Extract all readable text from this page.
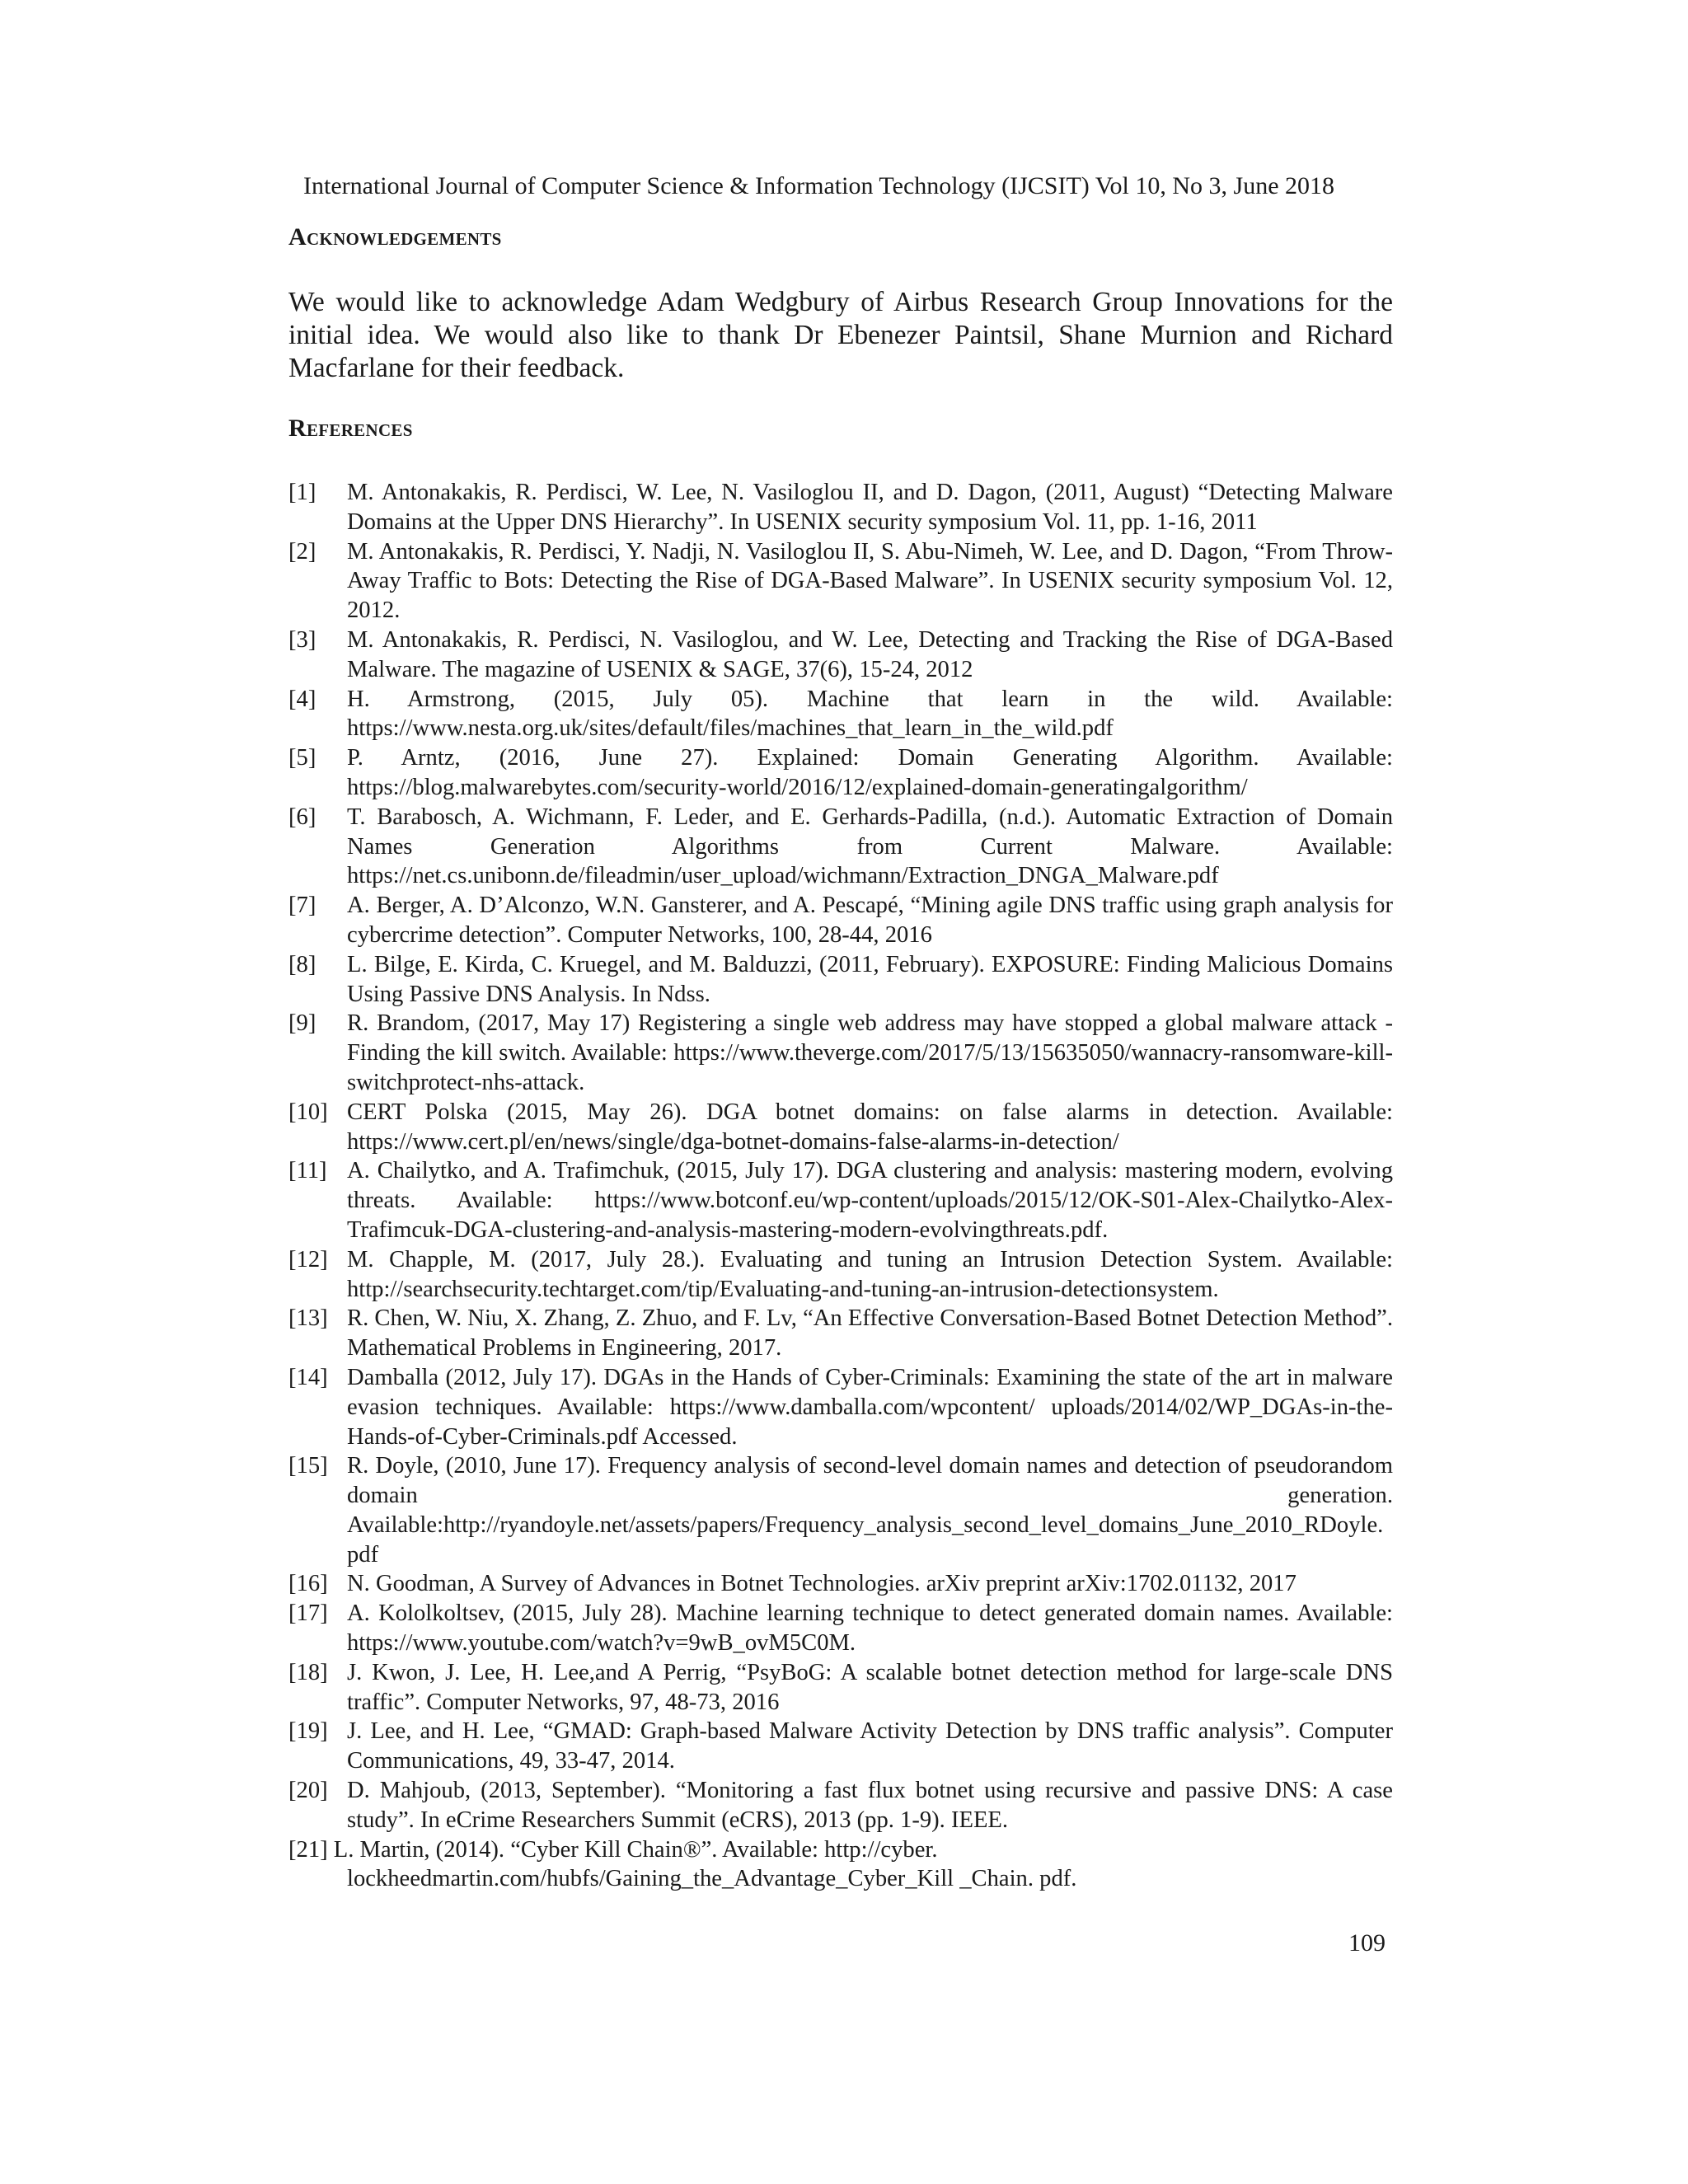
International Journal of Computer Science & Information Technology (IJCSIT) Vol 10, No 3, June 2018
Acknowledgements
We would like to acknowledge Adam Wedgbury of Airbus Research Group Innovations for the initial idea. We would also like to thank Dr Ebenezer Paintsil, Shane Murnion and Richard Macfarlane for their feedback.
References
[1] M. Antonakakis, R. Perdisci, W. Lee, N. Vasiloglou II, and D. Dagon, (2011, August) “Detecting Malware Domains at the Upper DNS Hierarchy”. In USENIX security symposium Vol. 11, pp. 1-16, 2011
[2] M. Antonakakis, R. Perdisci, Y. Nadji, N. Vasiloglou II, S. Abu-Nimeh, W. Lee, and D. Dagon, “From Throw-Away Traffic to Bots: Detecting the Rise of DGA-Based Malware”. In USENIX security symposium Vol. 12, 2012.
[3] M. Antonakakis, R. Perdisci, N. Vasiloglou, and W. Lee, Detecting and Tracking the Rise of DGA-Based Malware. The magazine of USENIX & SAGE, 37(6), 15-24, 2012
[4] H. Armstrong, (2015, July 05). Machine that learn in the wild. Available: https://www.nesta.org.uk/sites/default/files/machines_that_learn_in_the_wild.pdf
[5] P. Arntz, (2016, June 27). Explained: Domain Generating Algorithm. Available: https://blog.malwarebytes.com/security-world/2016/12/explained-domain-generatingalgorithm/
[6] T. Barabosch, A. Wichmann, F. Leder, and E. Gerhards-Padilla, (n.d.). Automatic Extraction of Domain Names Generation Algorithms from Current Malware. Available: https://net.cs.unibonn.de/fileadmin/user_upload/wichmann/Extraction_DNGA_Malware.pdf
[7] A. Berger, A. D’Alconzo, W.N. Gansterer, and A. Pescapé, “Mining agile DNS traffic using graph analysis for cybercrime detection”. Computer Networks, 100, 28-44, 2016
[8] L. Bilge, E. Kirda, C. Kruegel, and M. Balduzzi, (2011, February). EXPOSURE: Finding Malicious Domains Using Passive DNS Analysis. In Ndss.
[9] R. Brandom, (2017, May 17) Registering a single web address may have stopped a global malware attack -Finding the kill switch. Available: https://www.theverge.com/2017/5/13/15635050/wannacry-ransomware-kill-switchprotect-nhs-attack.
[10] CERT Polska (2015, May 26). DGA botnet domains: on false alarms in detection. Available: https://www.cert.pl/en/news/single/dga-botnet-domains-false-alarms-in-detection/
[11] A. Chailytko, and A. Trafimchuk, (2015, July 17). DGA clustering and analysis: mastering modern, evolving threats. Available: https://www.botconf.eu/wp-content/uploads/2015/12/OK-S01-Alex-Chailytko-Alex-Trafimcuk-DGA-clustering-and-analysis-mastering-modern-evolvingthreats.pdf.
[12] M. Chapple, M. (2017, July 28.). Evaluating and tuning an Intrusion Detection System. Available: http://searchsecurity.techtarget.com/tip/Evaluating-and-tuning-an-intrusion-detectionsystem.
[13] R. Chen, W. Niu, X. Zhang, Z. Zhuo, and F. Lv, “An Effective Conversation-Based Botnet Detection Method”. Mathematical Problems in Engineering, 2017.
[14] Damballa (2012, July 17). DGAs in the Hands of Cyber-Criminals: Examining the state of the art in malware evasion techniques. Available: https://www.damballa.com/wpcontent/ uploads/2014/02/WP_DGAs-in-the-Hands-of-Cyber-Criminals.pdf Accessed.
[15] R. Doyle, (2010, June 17). Frequency analysis of second-level domain names and detection of pseudorandom domain generation. Available:http://ryandoyle.net/assets/papers/Frequency_analysis_second_level_domains_June_2010_RDoyle.pdf
[16] N. Goodman, A Survey of Advances in Botnet Technologies. arXiv preprint arXiv:1702.01132, 2017
[17] A. Kololkoltsev, (2015, July 28). Machine learning technique to detect generated domain names. Available: https://www.youtube.com/watch?v=9wB_ovM5C0M.
[18] J. Kwon, J. Lee, H. Lee,and A Perrig, “PsyBoG: A scalable botnet detection method for large-scale DNS traffic”. Computer Networks, 97, 48-73, 2016
[19] J. Lee, and H. Lee, “GMAD: Graph-based Malware Activity Detection by DNS traffic analysis”. Computer Communications, 49, 33-47, 2014.
[20] D. Mahjoub, (2013, September). “Monitoring a fast flux botnet using recursive and passive DNS: A case study”. In eCrime Researchers Summit (eCRS), 2013 (pp. 1-9). IEEE.
[21] L. Martin, (2014). “Cyber Kill Chain®”. Available: http://cyber.
lockheedmartin.com/hubfs/Gaining_the_Advantage_Cyber_Kill _Chain. pdf.
109
